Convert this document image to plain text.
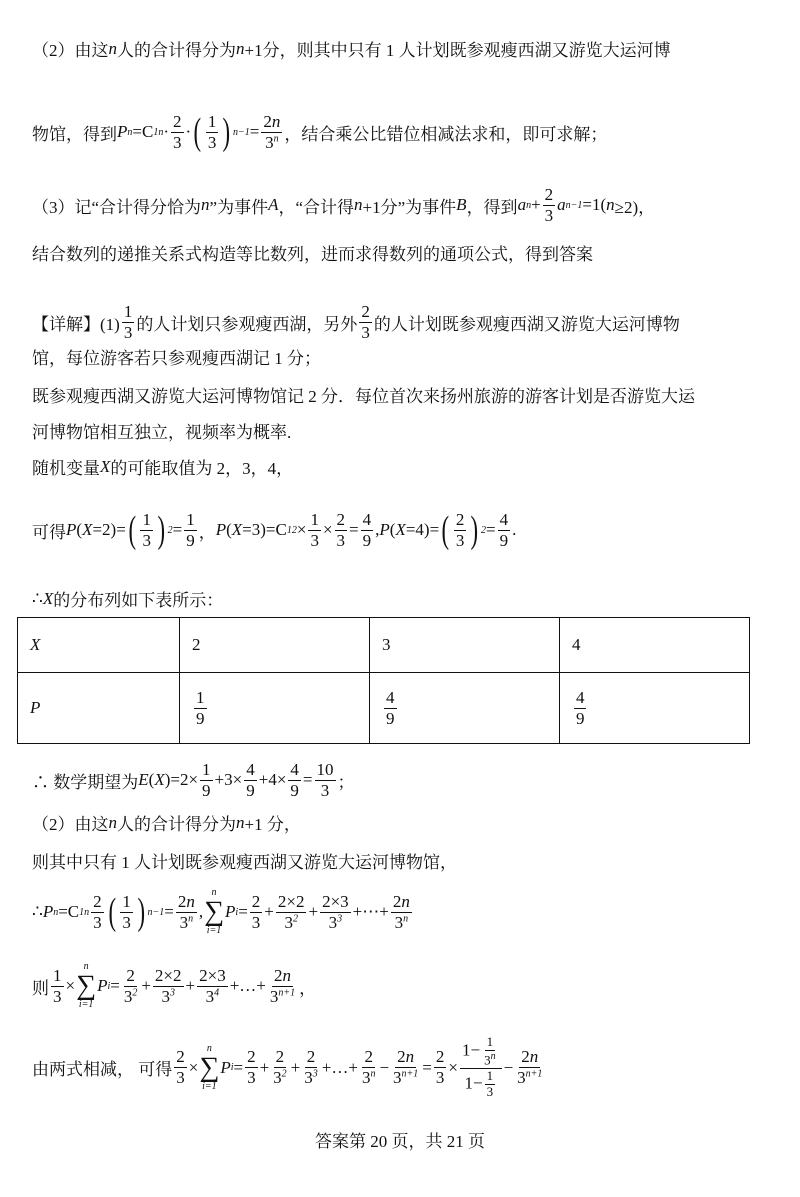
（2）由这 n 人的合计得分为 n +1分，则其中只有 1 人计划既参观瘦西湖又游览大运河博
物馆，得到 P n =C 1 $n \cdot \frac{2}{3}$ · ( $\frac{1}{3}$ ) $n-1 = \frac{2n}{3^n}$ ，结合乘公比错位相减法求和，即可求解；
（3）记“合计得分恰为 n ”为事件 A ，“合计得 n +1分”为事件 B ，得到 a $n + \frac{2}{3}$ a n−1 =1( n ≥2)，
结合数列的递推关系式构造等比数列，进而求得数列的通项公式，得到答案
【详解】$(1) \frac{1}{3}$ 的人计划只参观瘦西湖，另外 $\frac{2}{3}$ 的人计划既参观瘦西湖又游览大运河博物
馆，每位游客若只参观瘦西湖记 1 分；
既参观瘦西湖又游览大运河博物馆记 2 分．每位首次来扬州旅游的游客计划是否游览大运
河博物馆相互独立，视频率为概率.
随机变量 X 的可能取值为 2，3，4，
可得 P ( X =2)= ( $\frac{1}{3}$ ) $2 = \frac{1}{9}$ ， P ( X =3)=C 1 $2 \times \frac{1}{3} \times \frac{2}{3} = \frac{4}{9}$ , P ( X =4)= ( $\frac{2}{3}$ ) $2 = \frac{4}{9}$ .
∴ X 的分布列如下表所示：
X	2	3	4
P	$\frac{1}{9}$	$\frac{4}{9}$	$\frac{4}{9}$
∴ 数学期望为 E ( X )$=2\times \frac{1}{9} +3\times \frac{4}{9} +4\times \frac{4}{9} = \frac{10}{3}$ ；
（2）由这 n 人的合计得分为 n +1 分，
则其中只有 1 人计划既参观瘦西湖又游览大运河博物馆，
∴ P n =C 1 n $\frac{2}{3}$ ( $\frac{1}{3}$ ) $n-1 = \frac{2n}{3^n}$ ,
n
∑
i=1
P $i = \frac{2}{3} + \frac{2\times 2}{3^2} + \frac{2\times 3}{3^3}$ +⋯+ $\frac{2n}{3^n}$
则 $\frac{1}{3}$ ×
n
∑
i=1
P $i = \frac{2}{3^2} + \frac{2\times 2}{3^3} + \frac{2\times 3}{3^4}$ +…+ $\frac{2n}{3^{n+1}}$ ，
由两式相减， 可得 $\frac{2}{3}$ ×
n
∑
i=1
P $i = \frac{2}{3} + \frac{2}{3^2} + \frac{2}{3^3}$ +…+ $\frac{2}{3^n} - \frac{2n}{3^{n+1}} = \frac{2}{3} \times \frac{1- \frac{1}{3^n}}{1- \frac{1}{3}} - \frac{2n}{3^{n+1}}$
答案第 20 页，共 21 页
